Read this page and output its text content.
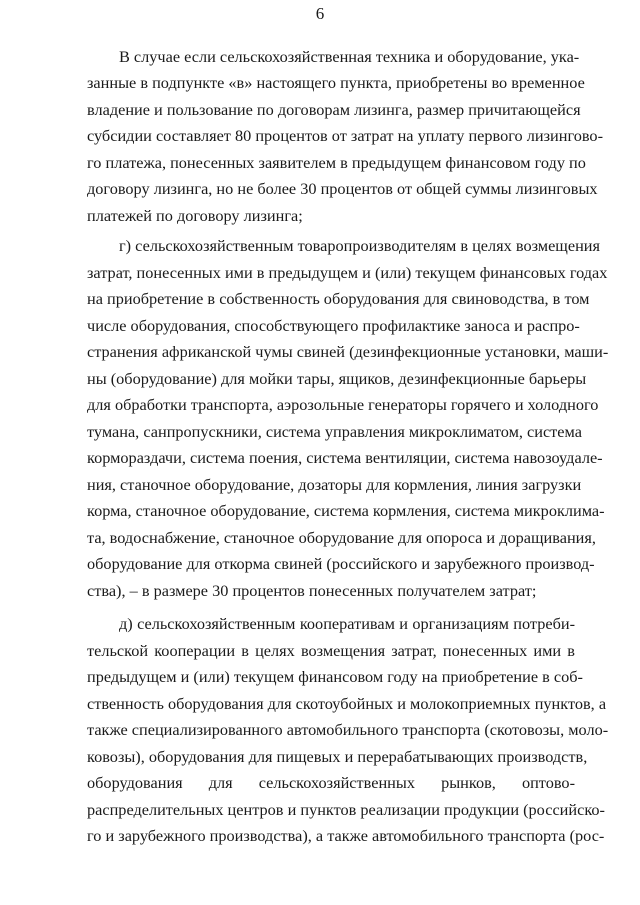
6
В случае если сельскохозяйственная техника и оборудование, ука-
занные в подпункте «в» настоящего пункта, приобретены во временное
владение и пользование по договорам лизинга, размер причитающейся
субсидии составляет 80 процентов от затрат на уплату первого лизингово-
го платежа, понесенных заявителем в предыдущем финансовом году по
договору лизинга, но не более 30 процентов от общей суммы лизинговых
платежей по договору лизинга;
г) сельскохозяйственным товаропроизводителям в целях возмещения
затрат, понесенных ими в предыдущем и (или) текущем финансовых годах
на приобретение в собственность оборудования для свиноводства, в том
числе оборудования, способствующего профилактике заноса и распро-
странения африканской чумы свиней (дезинфекционные установки, маши-
ны (оборудование) для мойки тары, ящиков, дезинфекционные барьеры
для обработки транспорта, аэрозольные генераторы горячего и холодного
тумана, санпропускники, система управления микроклиматом, система
кормораздачи, система поения, система вентиляции, система навозоудале-
ния, станочное оборудование, дозаторы для кормления, линия загрузки
корма, станочное оборудование, система кормления, система микроклима-
та, водоснабжение, станочное оборудование для опороса и доращивания,
оборудование для откорма свиней (российского и зарубежного производ-
ства), – в размере 30 процентов понесенных получателем затрат;
д) сельскохозяйственным кооперативам и организациям потреби-
тельской кооперации в целях возмещения затрат, понесенных ими в
предыдущем и (или) текущем финансовом году на приобретение в соб-
ственность оборудования для скотоубойных и молокоприемных пунктов, а
также специализированного автомобильного транспорта (скотовозы, моло-
ковозы), оборудования для пищевых и перерабатывающих производств,
оборудования для сельскохозяйственных рынков, оптово-
распределительных центров и пунктов реализации продукции (российско-
го и зарубежного производства), а также автомобильного транспорта (рос-
